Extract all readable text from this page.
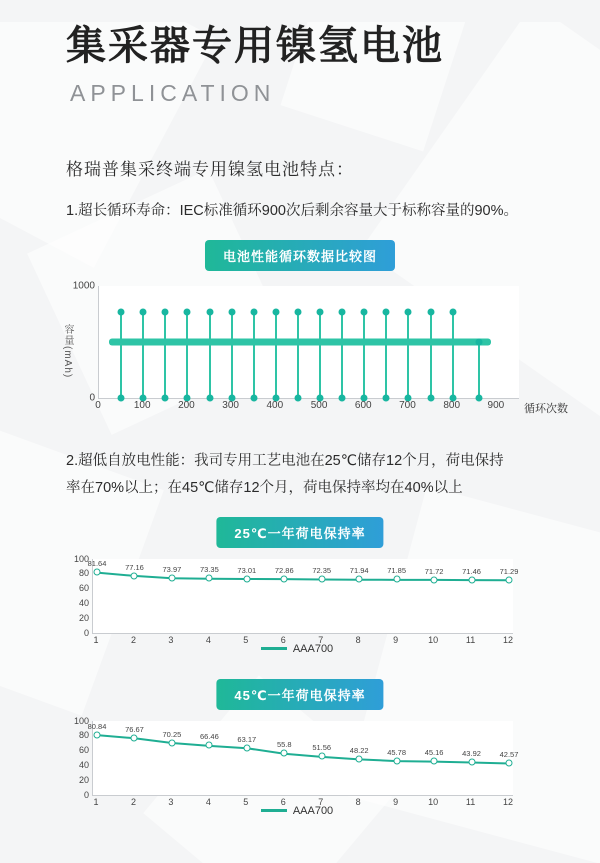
集采器专用镍氢电池
APPLICATION
格瑞普集采终端专用镍氢电池特点：
1.超长循环寿命：IEC标准循环900次后剩余容量大于标称容量的90%。
电池性能循环数据比较图
容量(mAh)
0
1000
0	100	200	300	400	500	600	700	800	900 循环次数
2.超低自放电性能：我司专用工艺电池在25℃储存12个月，荷电保持率在70%以上；在45℃储存12个月，荷电保持率均在40%以上
25℃一年荷电保持率
0
20
40
60
80
100
81.64 77.16 73.97 73.35 73.01 72.86 72.35 71.94 71.85 71.72 71.46 71.29
AAA700
1	2	3	4	5	6	7	8	9	10	11	12
45℃一年荷电保持率
0
20
40
60
80
100
80.84 76.67
70.25 66.46 63.17
55.8	51.56 48.22 45.78 45.16 43.92 42.57
AAA700
1	2	3	4	5	6	7	8	9	10	11	12
